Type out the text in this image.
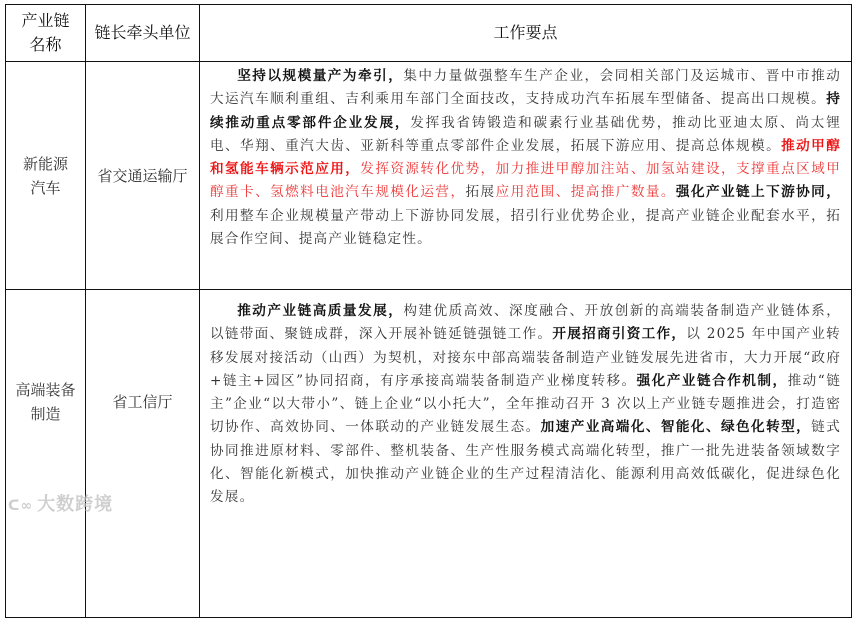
产业链
名称	链长牵头单位	工作要点
新能源
汽车	省交通运输厅	坚持以规模量产为牵引，集中力量做强整车生产企业，会同相关部门及运城市、晋中市推动大运汽车顺利重组、吉利乘用车部门全面技改，支持成功汽车拓展车型储备、提高出口规模。持续推动重点零部件企业发展，发挥我省铸锻造和碳素行业基础优势，推动比亚迪太原、尚太锂电、华翔、重汽大齿、亚新科等重点零部件企业发展，拓展下游应用、提高总体规模。推动甲醇和氢能车辆示范应用，发挥资源转化优势，加力推进甲醇加注站、加氢站建设，支撑重点区域甲醇重卡、氢燃料电池汽车规模化运营，拓展应用范围、提高推广数量。强化产业链上下游协同，利用整车企业规模量产带动上下游协同发展，招引行业优势企业，提高产业链企业配套水平，拓展合作空间、提高产业链稳定性。

高端装备
制造	省工信厅	推动产业链高质量发展，构建优质高效、深度融合、开放创新的高端装备制造产业链体系，以链带面、聚链成群，深入开展补链延链强链工作。开展招商引资工作，以 2025 年中国产业转移发展对接活动（山西）为契机，对接东中部高端装备制造产业链发展先进省市，大力开展“政府+链主+园区”协同招商，有序承接高端装备制造产业梯度转移。强化产业链合作机制，推动“链主”企业“以大带小”、链上企业“以小托大”，全年推动召开 3 次以上产业链专题推进会，打造密切协作、高效协同、一体联动的产业链发展生态。加速产业高端化、智能化、绿色化转型，链式协同推进原材料、零部件、整机装备、生产性服务模式高端化转型，推广一批先进装备领域数字化、智能化新模式，加快推动产业链企业的生产过程清洁化、能源利用高效低碳化，促进绿色化发展。

ᑕ∞ 大数跨境
